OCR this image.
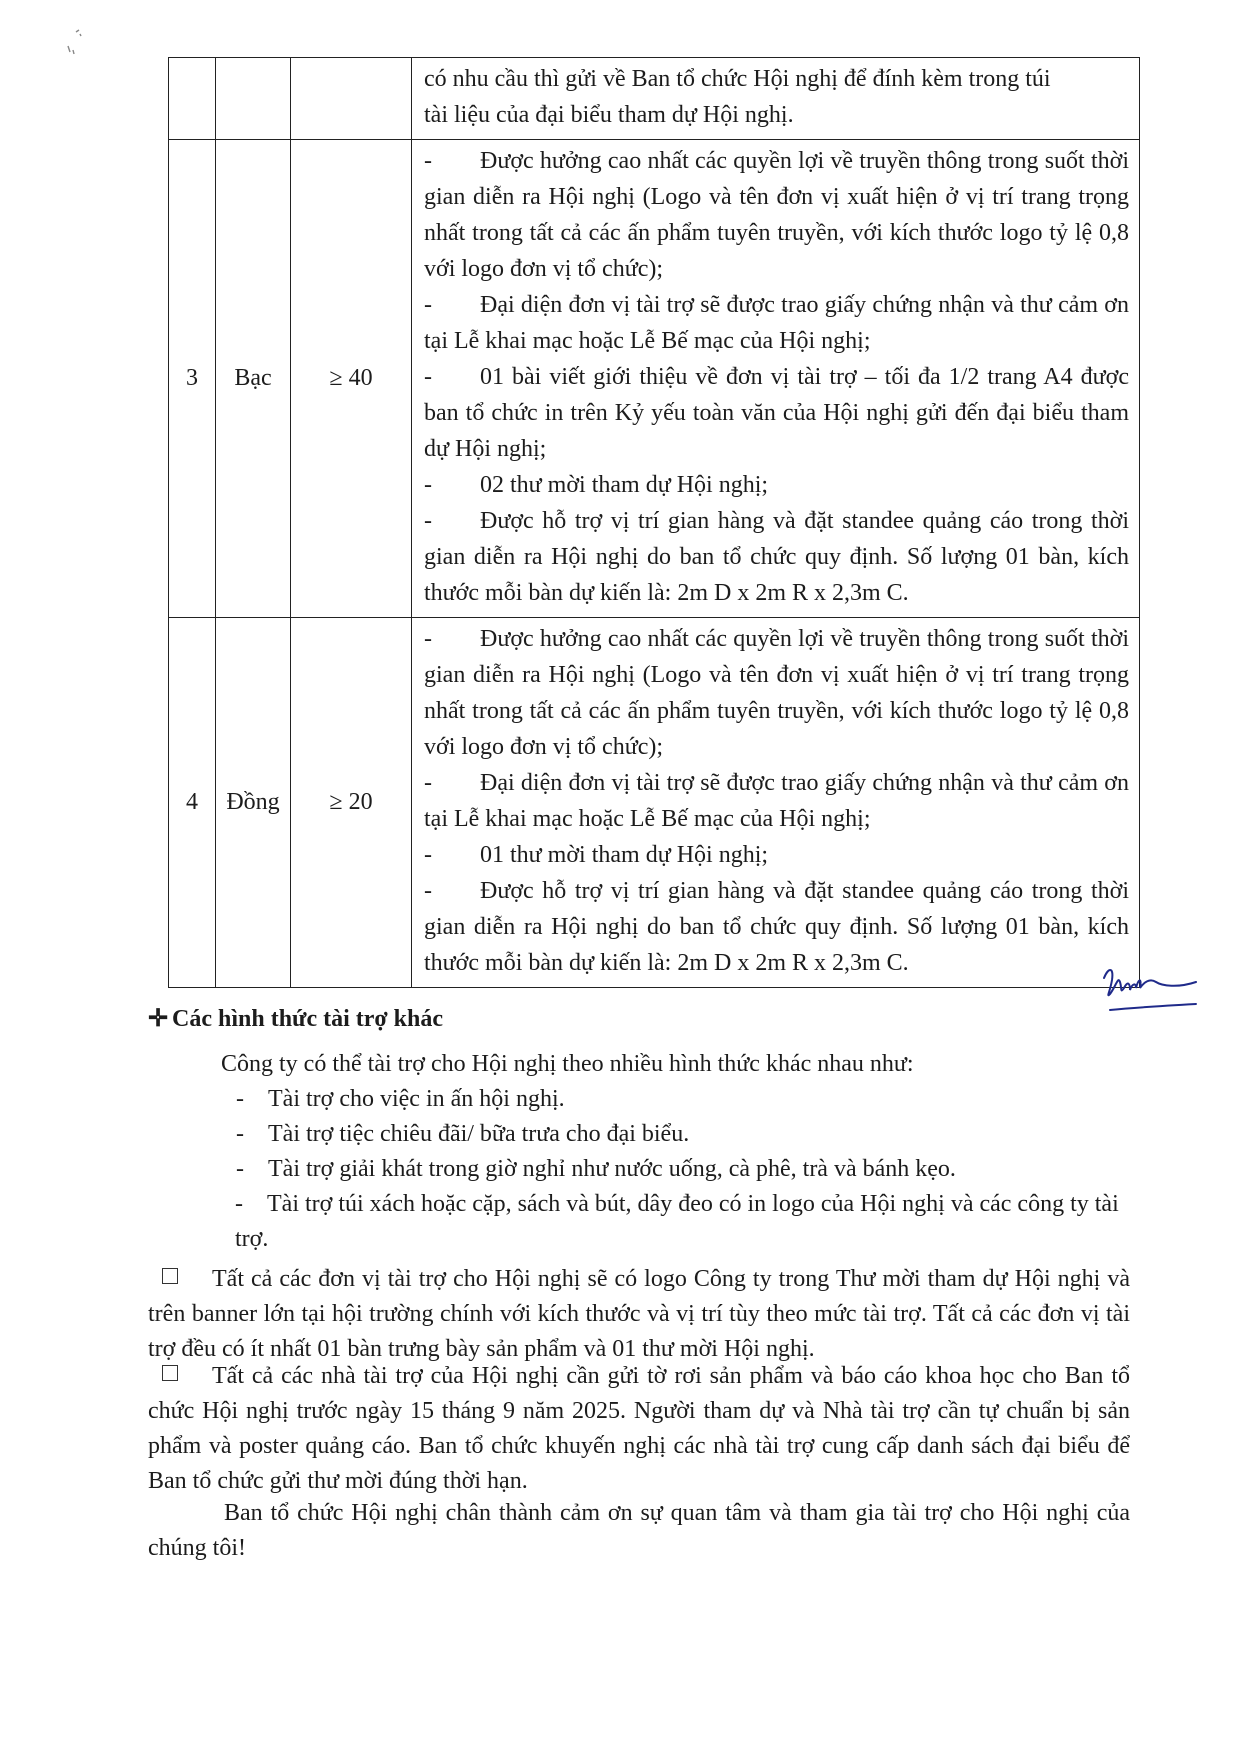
			có nhu cầu thì gửi về Ban tổ chức Hội nghị để đính kèm trong túi
tài liệu của đại biểu tham dự Hội nghị.

3	Bạc	≥ 40	- Được hưởng cao nhất các quyền lợi về truyền thông trong suốt thời gian diễn ra Hội nghị (Logo và tên đơn vị xuất hiện ở vị trí trang trọng nhất trong tất cả các ấn phẩm tuyên truyền, với kích thước logo tỷ lệ 0,8 với logo đơn vị tổ chức);
- Đại diện đơn vị tài trợ sẽ được trao giấy chứng nhận và thư cảm ơn tại Lễ khai mạc hoặc Lễ Bế mạc của Hội nghị;
- 01 bài viết giới thiệu về đơn vị tài trợ – tối đa 1/2 trang A4 được ban tổ chức in trên Kỷ yếu toàn văn của Hội nghị gửi đến đại biểu tham dự Hội nghị;
- 02 thư mời tham dự Hội nghị;
- Được hỗ trợ vị trí gian hàng và đặt standee quảng cáo trong thời gian diễn ra Hội nghị do ban tổ chức quy định. Số lượng 01 bàn, kích thước mỗi bàn dự kiến là: 2m D x 2m R x 2,3m C.

4	Đồng	≥ 20	- Được hưởng cao nhất các quyền lợi về truyền thông trong suốt thời gian diễn ra Hội nghị (Logo và tên đơn vị xuất hiện ở vị trí trang trọng nhất trong tất cả các ấn phẩm tuyên truyền, với kích thước logo tỷ lệ 0,8 với logo đơn vị tổ chức);
- Đại diện đơn vị tài trợ sẽ được trao giấy chứng nhận và thư cảm ơn tại Lễ khai mạc hoặc Lễ Bế mạc của Hội nghị;
- 01 thư mời tham dự Hội nghị;
- Được hỗ trợ vị trí gian hàng và đặt standee quảng cáo trong thời gian diễn ra Hội nghị do ban tổ chức quy định. Số lượng 01 bàn, kích thước mỗi bàn dự kiến là: 2m D x 2m R x 2,3m C.
✛ Các hình thức tài trợ khác
Công ty có thể tài trợ cho Hội nghị theo nhiều hình thức khác nhau như:
- Tài trợ cho việc in ấn hội nghị.
- Tài trợ tiệc chiêu đãi/ bữa trưa cho đại biểu.
- Tài trợ giải khát trong giờ nghỉ như nước uống, cà phê, trà và bánh kẹo.
- Tài trợ túi xách hoặc cặp, sách và bút, dây đeo có in logo của Hội nghị và các công ty tài trợ.
Tất cả các đơn vị tài trợ cho Hội nghị sẽ có logo Công ty trong Thư mời tham dự Hội nghị và trên banner lớn tại hội trường chính với kích thước và vị trí tùy theo mức tài trợ. Tất cả các đơn vị tài trợ đều có ít nhất 01 bàn trưng bày sản phẩm và 01 thư mời Hội nghị.
Tất cả các nhà tài trợ của Hội nghị cần gửi tờ rơi sản phẩm và báo cáo khoa học cho Ban tổ chức Hội nghị trước ngày 15 tháng 9 năm 2025. Người tham dự và Nhà tài trợ cần tự chuẩn bị sản phẩm và poster quảng cáo. Ban tổ chức khuyến nghị các nhà tài trợ cung cấp danh sách đại biểu để Ban tổ chức gửi thư mời đúng thời hạn.
Ban tổ chức Hội nghị chân thành cảm ơn sự quan tâm và tham gia tài trợ cho Hội nghị của chúng tôi!
